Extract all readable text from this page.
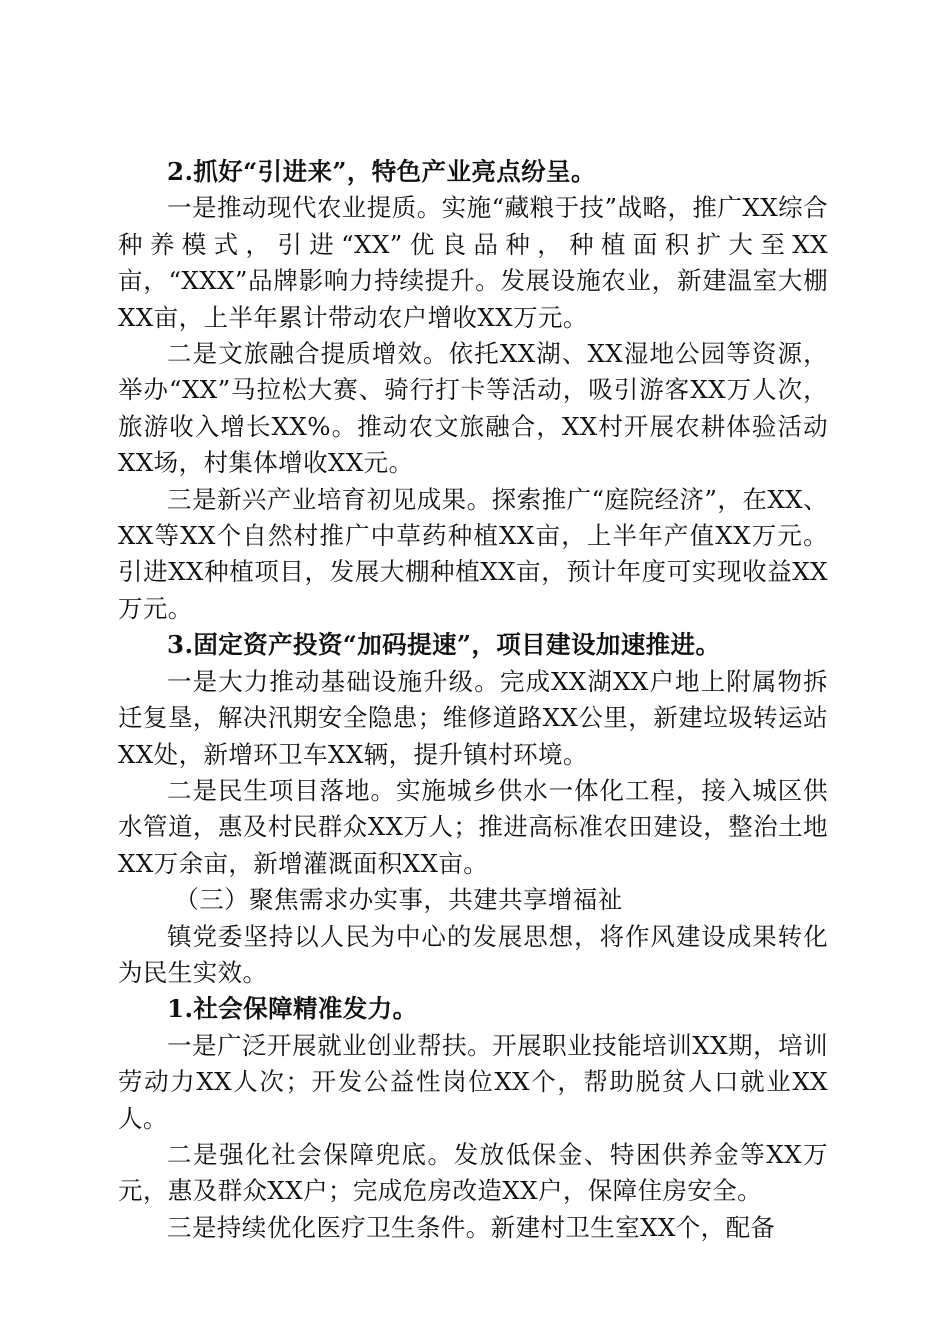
2.抓好“引进来”，特色产业亮点纷呈。

一是推动现代农业提质。实施“藏粮于技”战略，推广XX综合种养模式，引进“XX”优良品种，种植面积扩大至XX亩，“XXX”品牌影响力持续提升。发展设施农业，新建温室大棚XX亩，上半年累计带动农户增收XX万元。

二是文旅融合提质增效。依托XX湖、XX湿地公园等资源，举办“XX”马拉松大赛、骑行打卡等活动，吸引游客XX万人次，旅游收入增长XX%。推动农文旅融合，XX村开展农耕体验活动XX场，村集体增收XX元。

三是新兴产业培育初见成果。探索推广“庭院经济”，在XX、XX等XX个自然村推广中草药种植XX亩，上半年产值XX万元。引进XX种植项目，发展大棚种植XX亩，预计年度可实现收益XX万元。

3.固定资产投资“加码提速”，项目建设加速推进。

一是大力推动基础设施升级。完成XX湖XX户地上附属物拆迁复垦，解决汛期安全隐患；维修道路XX公里，新建垃圾转运站XX处，新增环卫车XX辆，提升镇村环境。

二是民生项目落地。实施城乡供水一体化工程，接入城区供水管道，惠及村民群众XX万人；推进高标准农田建设，整治土地XX万余亩，新增灌溉面积XX亩。

（三）聚焦需求办实事，共建共享增福祉

镇党委坚持以人民为中心的发展思想，将作风建设成果转化为民生实效。

1.社会保障精准发力。

一是广泛开展就业创业帮扶。开展职业技能培训XX期，培训劳动力XX人次；开发公益性岗位XX个，帮助脱贫人口就业XX人。

二是强化社会保障兜底。发放低保金、特困供养金等XX万元，惠及群众XX户；完成危房改造XX户，保障住房安全。

三是持续优化医疗卫生条件。新建村卫生室XX个，配备
